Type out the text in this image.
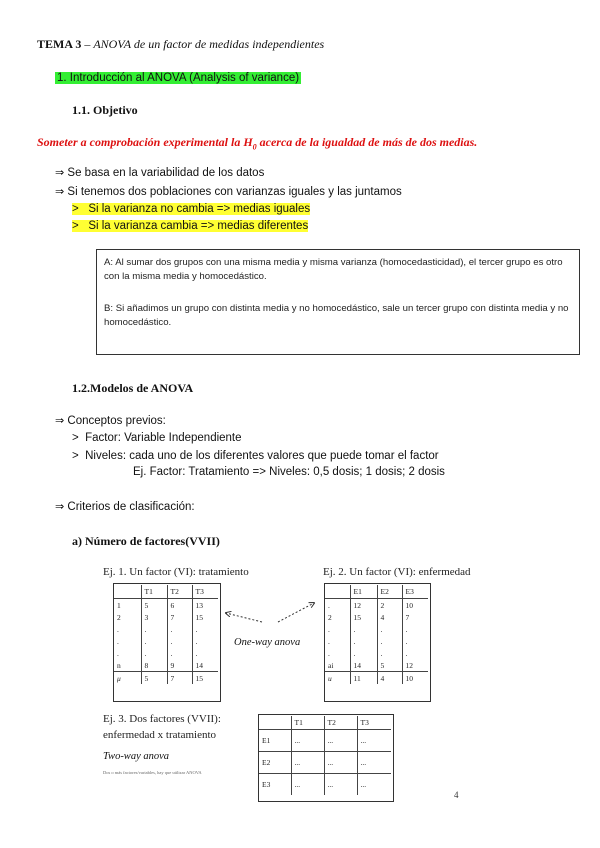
TEMA 3 – ANOVA de un factor de medidas independientes
1. Introducción al ANOVA (Analysis of variance)
1.1. Objetivo
Someter a comprobación experimental la $H_0$ acerca de la igualdad de más de dos medias.
⇒ Se basa en la variabilidad de los datos
⇒ Si tenemos dos poblaciones con varianzas iguales y las juntamos
> Si la varianza no cambia => medias iguales
> Si la varianza cambia => medias diferentes

A: Al sumar dos grupos con una misma media y misma varianza (homocedasticidad), el tercer grupo es otro con la misma media y homocedástico.

B: Si añadimos un grupo con distinta media y no homocedástico, sale un tercer grupo con distinta media y no homocedástico.

1.2.Modelos de ANOVA
⇒ Conceptos previos:
> Factor: Variable Independiente
> Niveles: cada uno de los diferentes valores que puede tomar el factor
Ej. Factor: Tratamiento => Niveles: 0,5 dosis; 1 dosis; 2 dosis
⇒ Criterios de clasificación:
a) Número de factores(VVII)
Ej. 1. Un factor (VI): tratamiento
	T1	T2	T3
1	5	6	13
2	3	7	15
.	.	.	.
.	.	.	.
.	.	.	.
n	8	9	14
μ	5	7	15
One-way anova
Ej. 2. Un factor (VI): enfermedad
	E1	E2	E3
.	12	2	10
2	15	4	7
.	.	.	.
.	.	.	.
.	.	.	.
ai	14	5	12
u	11	4	10
Ej. 3. Dos factores (VVII):
enfermedad x tratamiento
Two-way anova
Dos o más factores/variables, hay que utilizar ANOVA
	T1	T2	T3
E1	...	...	...
E2	...	...	...
E3	...	...	...
4
